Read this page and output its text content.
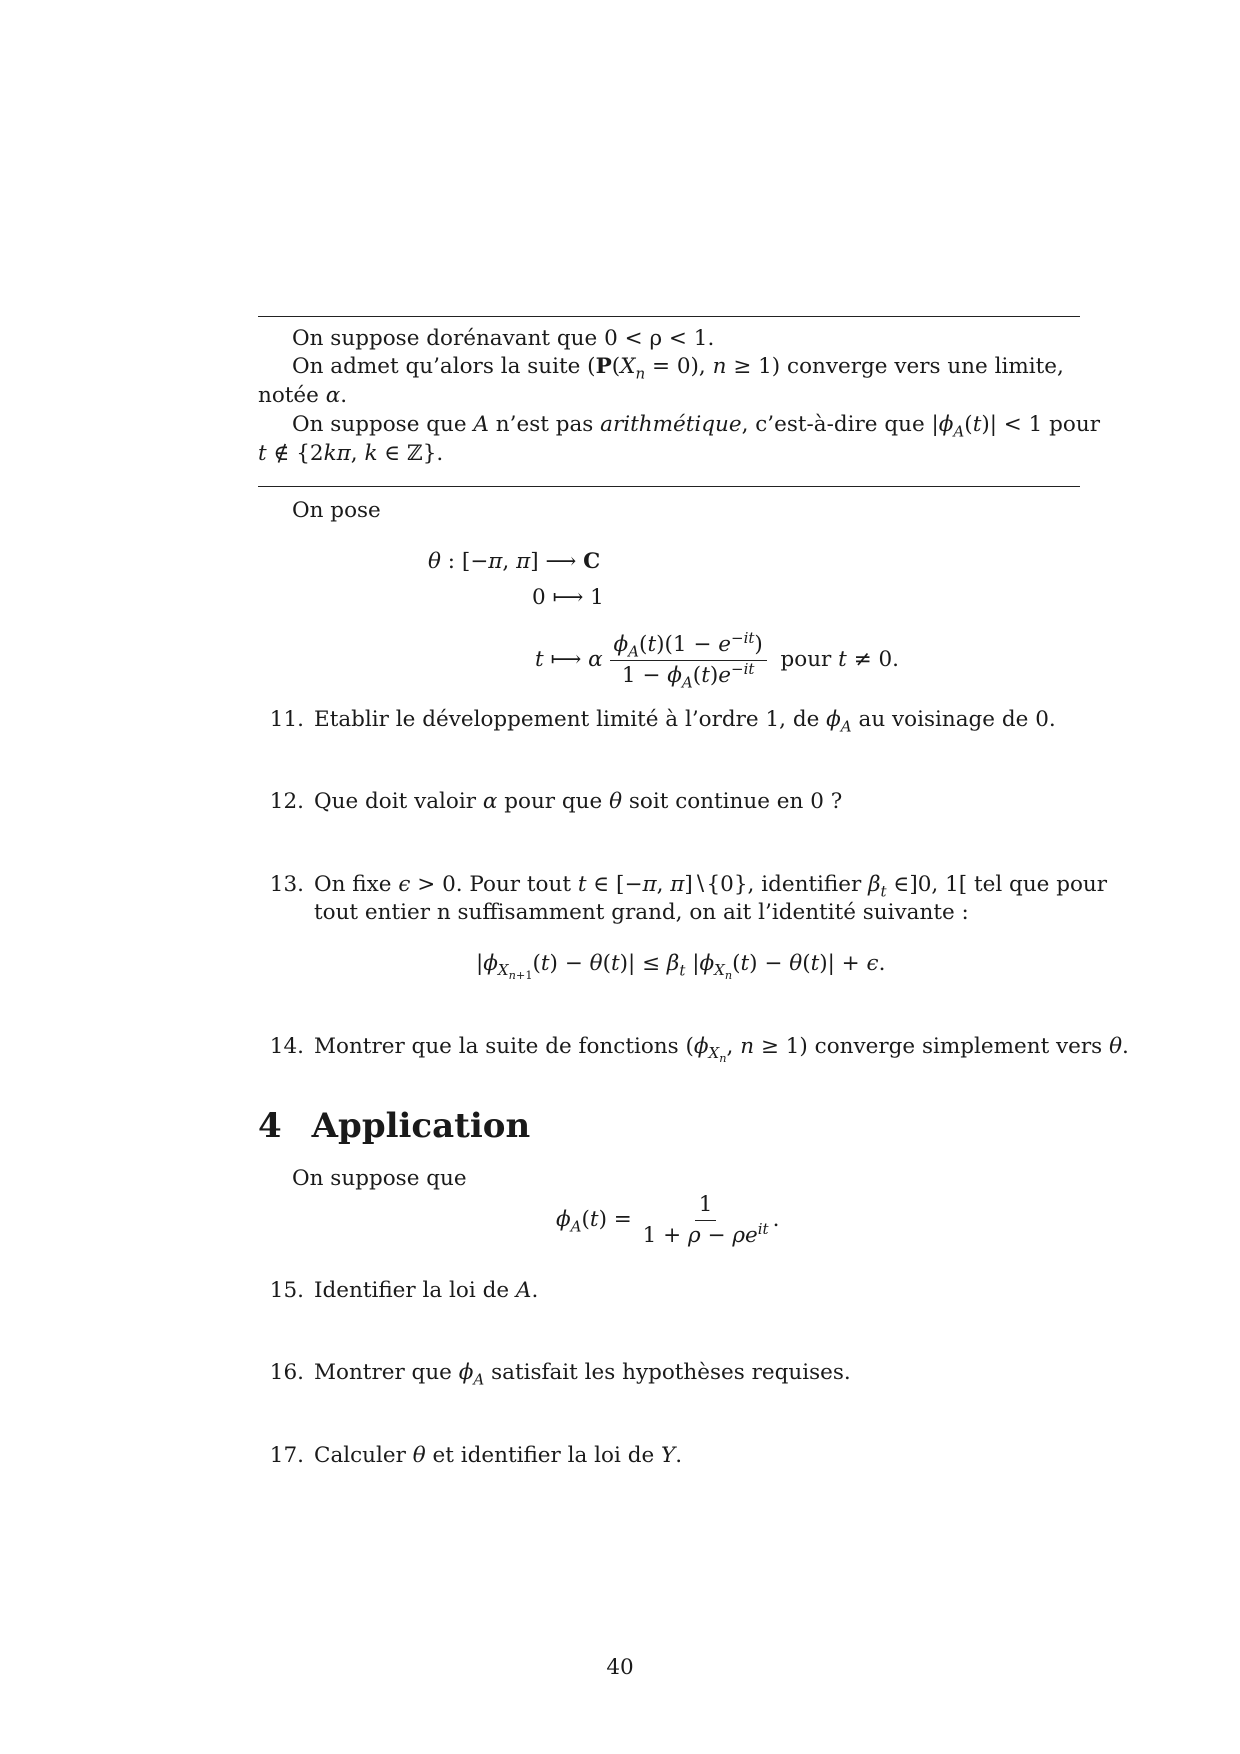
On suppose dorénavant que 0 < ρ < 1.
On admet qu’alors la suite ($P(X_n = 0)$, n ≥ 1) converge vers une limite,
notée α.
On suppose que A n’est pas arithmétique, c’est-à-dire que $|\phi_A(t)| < 1$ pour
t ∉ {2kπ, k ∈ ℤ}.
On pose
θ : [−π, π] ⟶ C
0 ⟼ 1
t ⟼ α $\frac{\phi_A(t)(1 - e^{-it})}{1 - \phi_A(t)e^{-it}}$ pour t ≠ 0.
11. Etablir le développement limité à l’ordre 1, de $\phi_A$ au voisinage de 0.
12. Que doit valoir α pour que θ soit continue en 0 ?
13. On fixe ϵ > 0. Pour tout t ∈ [−π, π]∖{0}, identifier $\beta_t$ ∈]0, 1[ tel que pour
tout entier n suffisamment grand, on ait l’identité suivante :
$|\phi_{X_{n+1}}(t) - \theta(t)| \le \beta_t$ $|\phi_{X_n}(t) - \theta(t)| + \epsilon$.
14. Montrer que la suite de fonctions ($\phi_{X_n}$, n ≥ 1) converge simplement vers θ.
4 Application
On suppose que
$\phi_A(t) = \frac{1}{1 + \rho - \rho e^{it}}$ .
15. Identifier la loi de A.
16. Montrer que $\phi_A$ satisfait les hypothèses requises.
17. Calculer θ et identifier la loi de Y.
40
